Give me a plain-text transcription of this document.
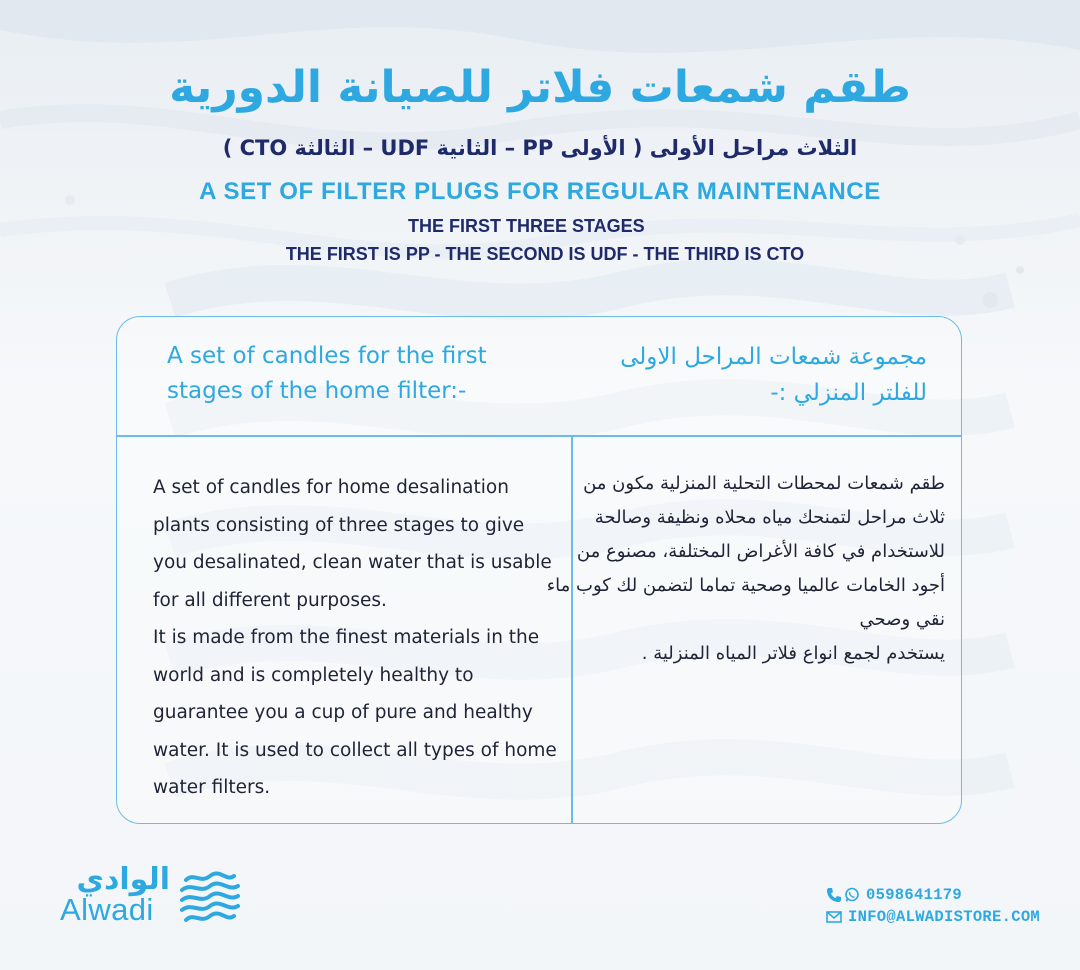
طقم شمعات فلاتر للصيانة الدورية

الثلاث مراحل الأولى ( الأولى PP – الثانية UDF – الثالثة CTO )

A SET OF FILTER PLUGS FOR REGULAR MAINTENANCE

THE FIRST THREE STAGES

THE FIRST IS PP - THE SECOND IS UDF - THE THIRD IS CTO

A set of candles for the first stages of the home filter:-

مجموعة شمعات المراحل الاولى للفلتر المنزلي :-

A set of candles for home desalination plants consisting of three stages to give you desalinated, clean water that is usable for all different purposes.
It is made from the finest materials in the world and is completely healthy to guarantee you a cup of pure and healthy water. It is used to collect all types of home water filters.

طقم شمعات لمحطات التحلية المنزلية مكون من ثلاث مراحل لتمنحك مياه محلاه ونظيفة وصالحة للاستخدام في كافة الأغراض المختلفة، مصنوع من أجود الخامات عالميا وصحية تماما لتضمن لك كوب ماء نقي وصحي
يستخدم لجمع انواع فلاتر المياه المنزلية .

الوادي
Alwadi	0598641179
INFO@ALWADISTORE.COM
